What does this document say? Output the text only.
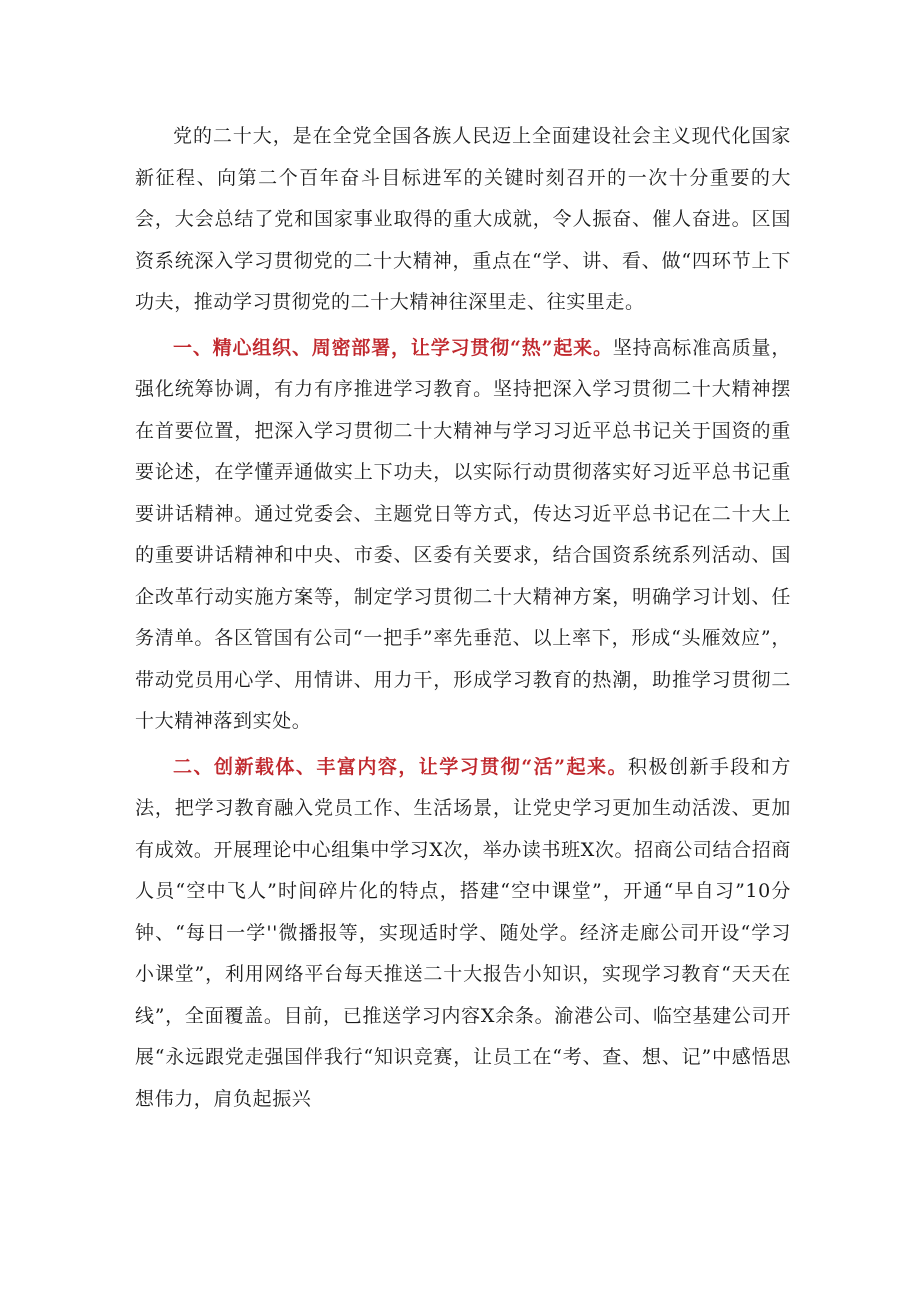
党的二十大，是在全党全国各族人民迈上全面建设社会主义现代化国家新征程、向第二个百年奋斗目标进军的关键时刻召开的一次十分重要的大会，大会总结了党和国家事业取得的重大成就，令人振奋、催人奋进。区国资系统深入学习贯彻党的二十大精神，重点在“学、讲、看、做“四环节上下功夫，推动学习贯彻党的二十大精神往深里走、往实里走。

一、精心组织、周密部署，让学习贯彻“热”起来。坚持高标准高质量，强化统筹协调，有力有序推进学习教育。坚持把深入学习贯彻二十大精神摆在首要位置，把深入学习贯彻二十大精神与学习习近平总书记关于国资的重要论述，在学懂弄通做实上下功夫，以实际行动贯彻落实好习近平总书记重要讲话精神。通过党委会、主题党日等方式，传达习近平总书记在二十大上的重要讲话精神和中央、市委、区委有关要求，结合国资系统系列活动、国企改革行动实施方案等，制定学习贯彻二十大精神方案，明确学习计划、任务清单。各区管国有公司“一把手”率先垂范、以上率下，形成“头雁效应”，带动党员用心学、用情讲、用力干，形成学习教育的热潮，助推学习贯彻二十大精神落到实处。

二、创新载体、丰富内容，让学习贯彻“活”起来。积极创新手段和方法，把学习教育融入党员工作、生活场景，让党史学习更加生动活泼、更加有成效。开展理论中心组集中学习X次，举办读书班X次。招商公司结合招商人员“空中飞人”时间碎片化的特点，搭建“空中课堂”，开通“早自习”10分钟、“每日一学''微播报等，实现适时学、随处学。经济走廊公司开设“学习小课堂”，利用网络平台每天推送二十大报告小知识，实现学习教育“天天在线”，全面覆盖。目前，已推送学习内容X余条。渝港公司、临空基建公司开展“永远跟党走强国伴我行“知识竞赛，让员工在“考、查、想、记”中感悟思想伟力，肩负起振兴
